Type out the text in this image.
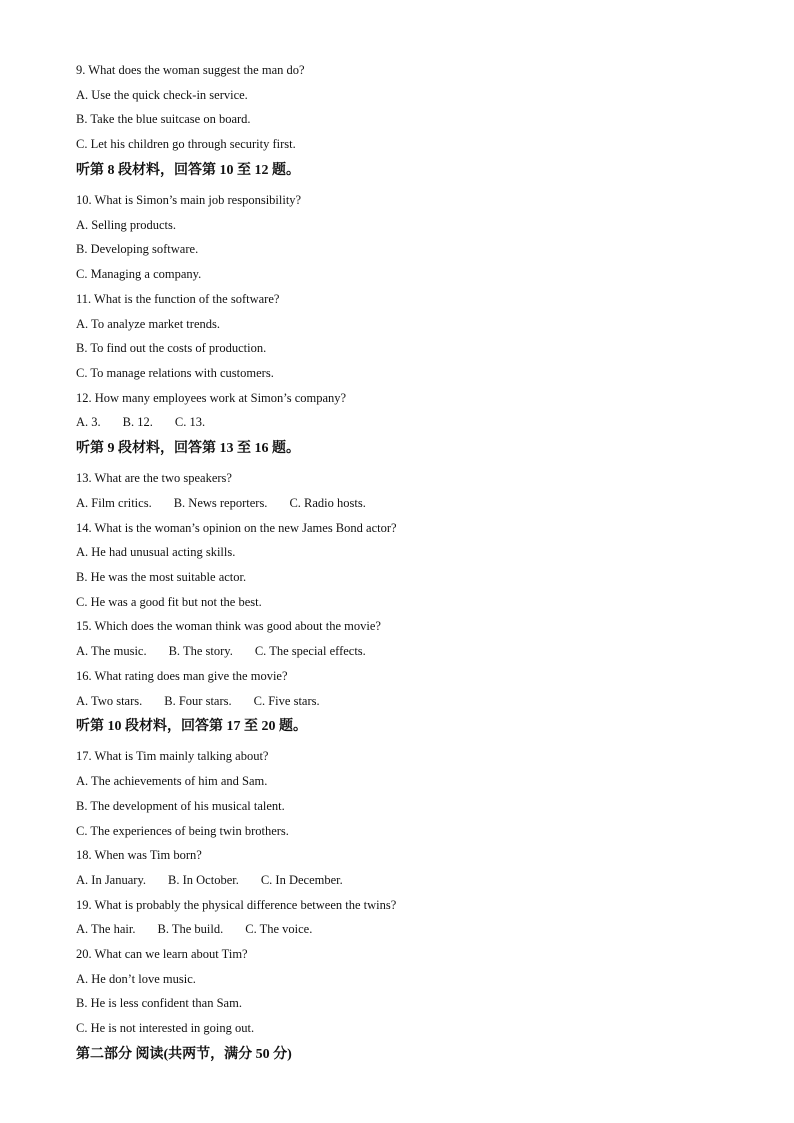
9. What does the woman suggest the man do?
A. Use the quick check-in service.
B. Take the blue suitcase on board.
C. Let his children go through security first.
听第 8 段材料，回答第 10 至 12 题。
10. What is Simon’s main job responsibility?
A. Selling products.
B. Developing software.
C. Managing a company.
11. What is the function of the software?
A. To analyze market trends.
B. To find out the costs of production.
C. To manage relations with customers.
12. How many employees work at Simon’s company?
A. 3. B. 12. C. 13.
听第 9 段材料，回答第 13 至 16 题。
13. What are the two speakers?
A. Film critics. B. News reporters. C. Radio hosts.
14. What is the woman’s opinion on the new James Bond actor?
A. He had unusual acting skills.
B. He was the most suitable actor.
C. He was a good fit but not the best.
15. Which does the woman think was good about the movie?
A. The music. B. The story. C. The special effects.
16. What rating does man give the movie?
A. Two stars. B. Four stars. C. Five stars.
听第 10 段材料，回答第 17 至 20 题。
17. What is Tim mainly talking about?
A. The achievements of him and Sam.
B. The development of his musical talent.
C. The experiences of being twin brothers.
18. When was Tim born?
A. In January. B. In October. C. In December.
19. What is probably the physical difference between the twins?
A. The hair. B. The build. C. The voice.
20. What can we learn about Tim?
A. He don’t love music.
B. He is less confident than Sam.
C. He is not interested in going out.
第二部分 阅读(共两节，满分 50 分)
